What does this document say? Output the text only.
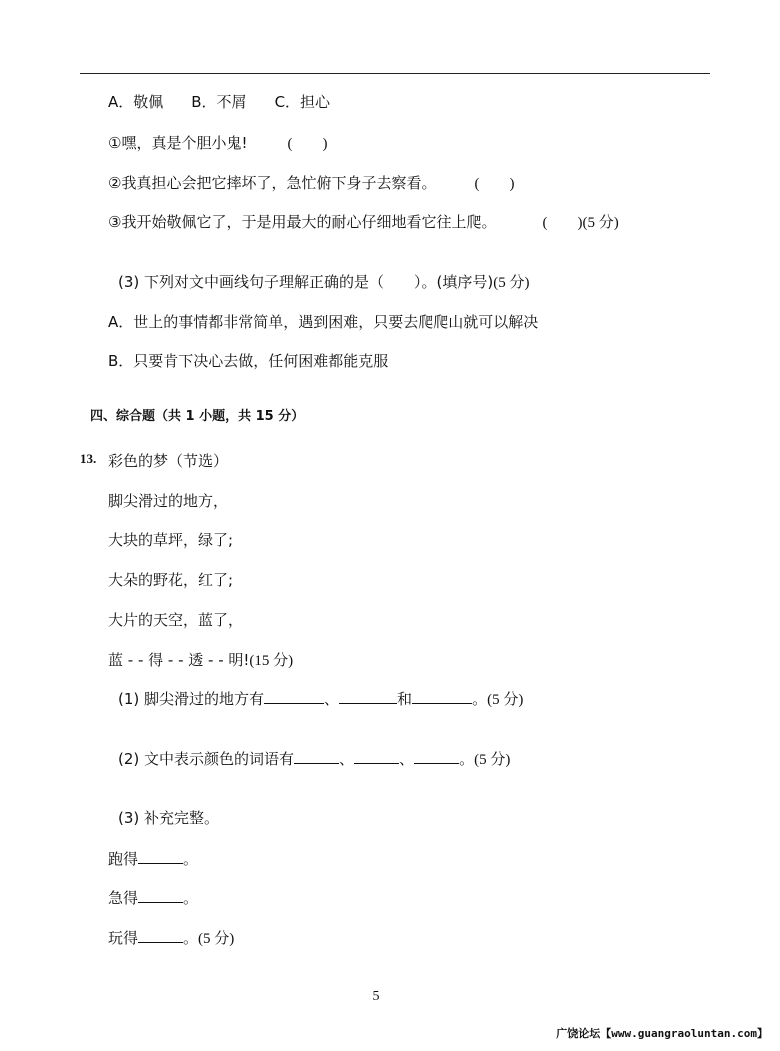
A．敬佩 B．不屑 C．担心
①嘿，真是个胆小鬼!	(　　)
②我真担心会把它摔坏了，急忙俯下身子去察看。	(　　)
③我开始敬佩它了，于是用最大的耐心仔细地看它往上爬。	(　　)(5 分)
(3) 下列对文中画线句子理解正确的是（　　）。(填序号)(5 分)
A．世上的事情都非常简单，遇到困难，只要去爬爬山就可以解决
B．只要肯下决心去做，任何困难都能克服
四、综合题（共 1 小题，共 15 分）
13. 彩色的梦（节选）
脚尖滑过的地方，
大块的草坪，绿了;
大朵的野花，红了;
大片的天空，蓝了，
蓝 - - 得 - - 透 - - 明!(15 分)
(1) 脚尖滑过的地方有	、	和	。(5 分)
(2) 文中表示颜色的词语有	、	、	。(5 分)
(3) 补充完整。
跑得	。
急得	。
玩得	。(5 分)
5
广饶论坛【www.guangraoluntan.com】
